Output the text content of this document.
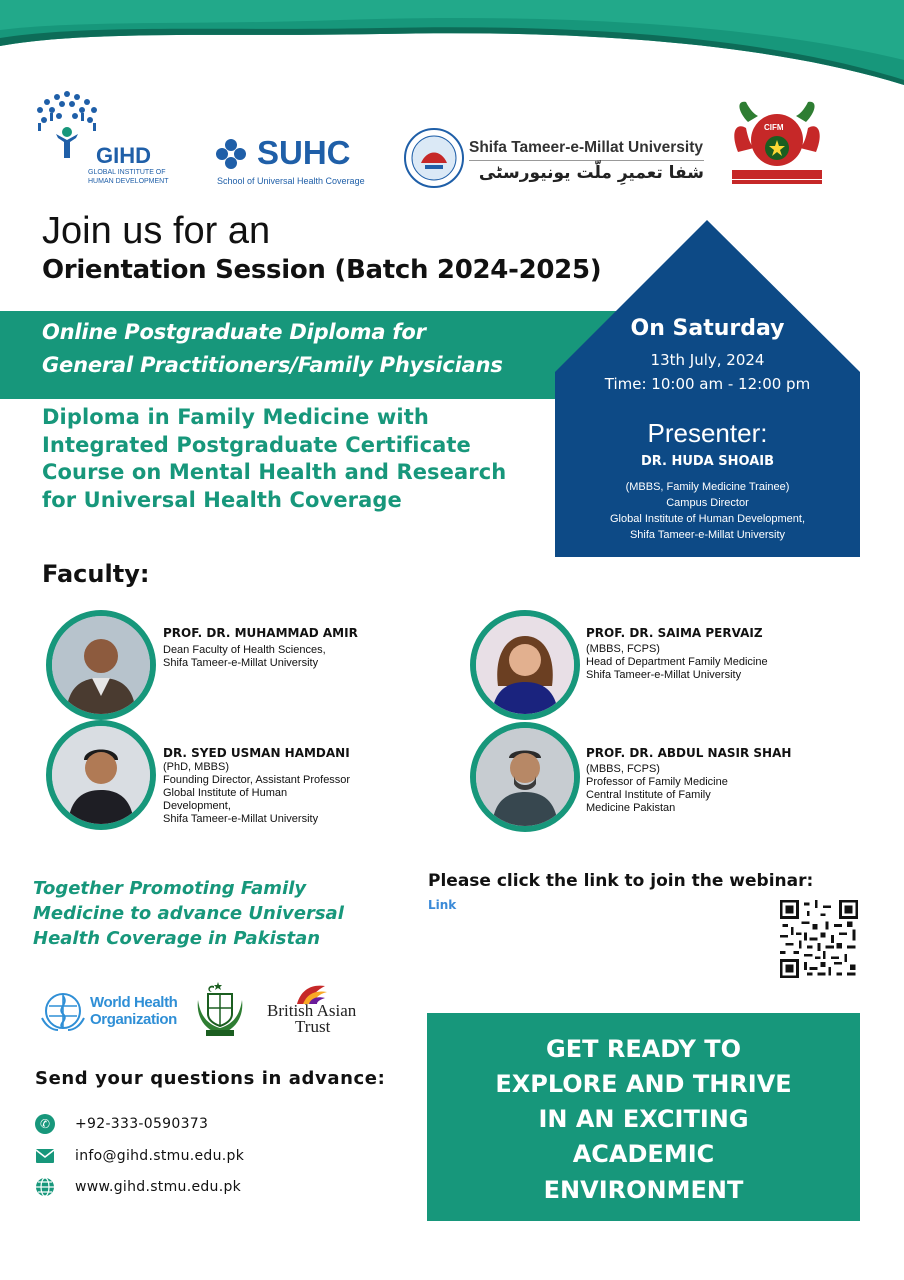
GIHD
GLOBAL INSTITUTE OF
HUMAN DEVELOPMENT
SUHC
School of Universal Health Coverage
Shifa Tameer-e-Millat University
شفا تعمیرِ ملّت یونیورسٹی
CIFM
Join us for an
Orientation Session (Batch 2024-2025)
Online Postgraduate Diploma for
General Practitioners/Family Physicians
Diploma in Family Medicine with
Integrated Postgraduate Certificate
Course on Mental Health and Research
for Universal Health Coverage
On Saturday
13th July, 2024
Time: 10:00 am - 12:00 pm
Presenter:
DR. HUDA SHOAIB
(MBBS, Family Medicine Trainee)
Campus Director
Global Institute of Human Development,
Shifa Tameer-e-Millat University
Faculty:
PROF. DR. MUHAMMAD AMIR
Dean Faculty of Health Sciences,
Shifa Tameer-e-Millat University
PROF. DR. SAIMA PERVAIZ
(MBBS, FCPS)
Head of Department Family Medicine
Shifa Tameer-e-Millat University
DR. SYED USMAN HAMDANI
(PhD, MBBS)
Founding Director, Assistant Professor
Global Institute of Human
Development,
Shifa Tameer-e-Millat University
PROF. DR. ABDUL NASIR SHAH
(MBBS, FCPS)
Professor of Family Medicine
Central Institute of Family
Medicine Pakistan
Together Promoting Family
Medicine to advance Universal
Health Coverage in Pakistan
Please click the link to join the webinar:
Link
World Health
Organization	British Asian
Trust
Send your questions in advance:
✆	+92-333-0590373
info@gihd.stmu.edu.pk
www.gihd.stmu.edu.pk
GET READY TO
EXPLORE AND THRIVE
IN AN EXCITING
ACADEMIC
ENVIRONMENT
